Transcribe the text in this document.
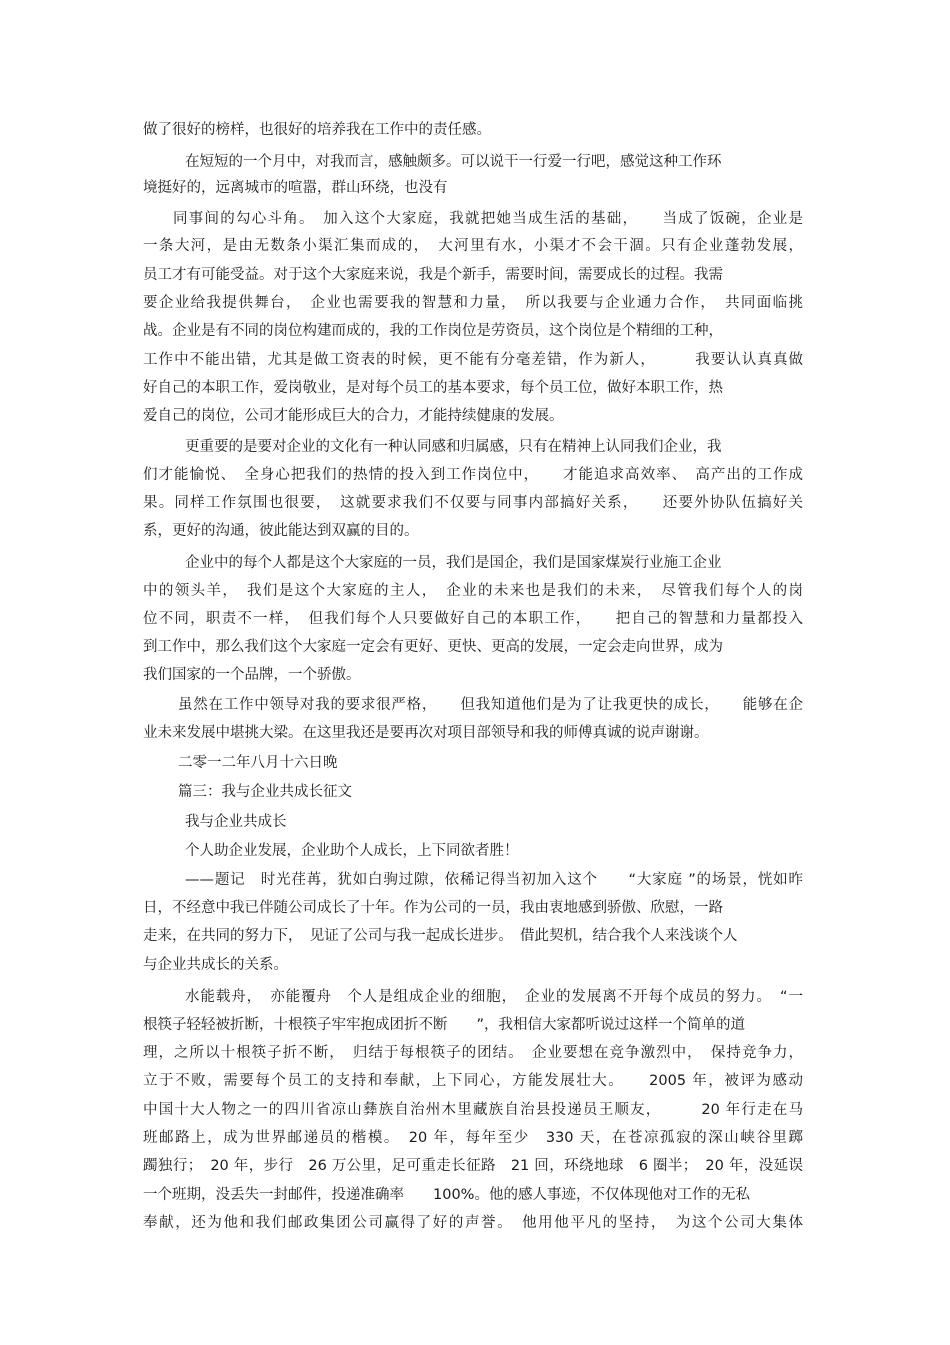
做了很好的榜样，也很好的培养我在工作中的责任感。
在短短的一个月中，对我而言，感触颇多。可以说干一行爱一行吧，感觉这种工作环
境挺好的，远离城市的喧嚣，群山环绕，也没有
同事间的勾心斗角。　加入这个大家庭，我就把她当成生活的基础，　　当成了饭碗，企业是
一条大河，是由无数条小渠汇集而成的，　大河里有水，小渠才不会干涸。只有企业蓬勃发展，
员工才有可能受益。对于这个大家庭来说，我是个新手，需要时间，需要成长的过程。我需
要企业给我提供舞台，　企业也需要我的智慧和力量，　所以我要与企业通力合作，　共同面临挑
战。企业是有不同的岗位构建而成的，我的工作岗位是劳资员，这个岗位是个精细的工种，
工作中不能出错，尤其是做工资表的时候，更不能有分毫差错，作为新人，　　　我要认认真真做
好自己的本职工作，爱岗敬业，是对每个员工的基本要求，每个员工位，做好本职工作，热
爱自己的岗位，公司才能形成巨大的合力，才能持续健康的发展。
更重要的是要对企业的文化有一种认同感和归属感，只有在精神上认同我们企业，我
们才能愉悦、　全身心把我们的热情的投入到工作岗位中，　　才能追求高效率、　高产出的工作成
果。同样工作氛围也很要，　这就要求我们不仅要与同事内部搞好关系，　　还要外协队伍搞好关
系，更好的沟通，彼此能达到双赢的目的。
企业中的每个人都是这个大家庭的一员，我们是国企，我们是国家煤炭行业施工企业
中的领头羊，　我们是这个大家庭的主人，　企业的未来也是我们的未来，　尽管我们每个人的岗
位不同，职责不一样，　但我们每个人只要做好自己的本职工作，　　把自己的智慧和力量都投入
到工作中，那么我们这个大家庭一定会有更好、更快、更高的发展，一定会走向世界，成为
我们国家的一个品牌，一个骄傲。
虽然在工作中领导对我的要求很严格，　　但我知道他们是为了让我更快的成长，　　能够在企
业未来发展中堪挑大梁。在这里我还是要再次对项目部领导和我的师傅真诚的说声谢谢。
二零一二年八月十六日晚
篇三：我与企业共成长征文
我与企业共成长
个人助企业发展，企业助个人成长，上下同欲者胜！
——题记　时光荏苒，犹如白驹过隙，依稀记得当初加入这个　　“大家庭 ”的场景，恍如昨
日，不经意中我已伴随公司成长了十年。作为公司的一员，我由衷地感到骄傲、欣慰，一路
走来，在共同的努力下，　见证了公司与我一起成长进步。　借此契机，结合我个人来浅谈个人
与企业共成长的关系。
水能载舟，　亦能覆舟　个人是组成企业的细胞，　企业的发展离不开每个成员的努力。　“一
根筷子轻轻被折断，十根筷子牢牢抱成团折不断　　”，我相信大家都听说过这样一个简单的道
理，之所以十根筷子折不断，　归结于每根筷子的团结。　企业要想在竞争激烈中，　保持竞争力，
立于不败，需要每个员工的支持和奉献，上下同心，方能发展壮大。　　2005 年，被评为感动
中国十大人物之一的四川省凉山彝族自治州木里藏族自治县投递员王顺友，　　　20 年行走在马
班邮路上，成为世界邮递员的楷模。　20 年，每年至少　330 天，在苍凉孤寂的深山峡谷里踯
躅独行；　20 年，步行　26 万公里，足可重走长征路　21 回，环绕地球　6 圈半；　20 年，没延误
一个班期，没丢失一封邮件，投递准确率　　100%。他的感人事迹，不仅体现他对工作的无私
奉献，还为他和我们邮政集团公司赢得了好的声誉。　他用他平凡的坚持，　为这个公司大集体
